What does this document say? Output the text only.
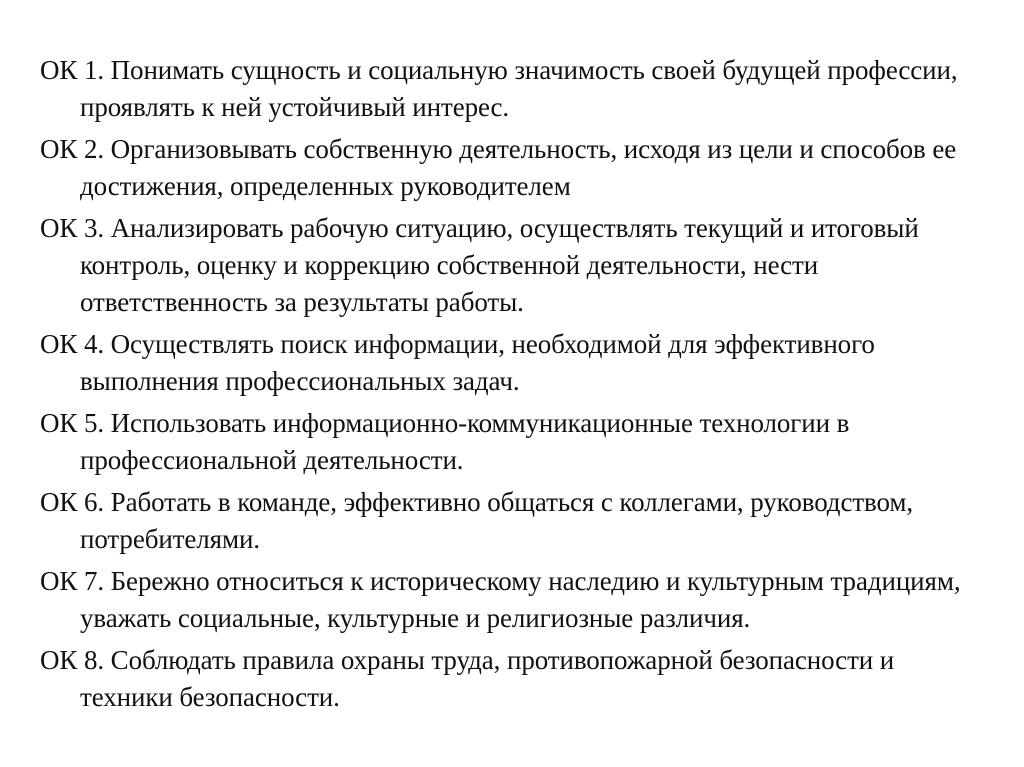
ОК 1. Понимать сущность и социальную значимость своей будущей профессии, проявлять к ней устойчивый интерес.
ОК 2. Организовывать собственную деятельность, исходя из цели и способов ее достижения, определенных руководителем
ОК 3. Анализировать рабочую ситуацию, осуществлять текущий и итоговый контроль, оценку и коррекцию собственной деятельности, нести ответственность за результаты работы.
ОК 4. Осуществлять поиск информации, необходимой для эффективного выполнения профессиональных задач.
ОК 5. Использовать информационно-коммуникационные технологии в профессиональной деятельности.
ОК 6. Работать в команде, эффективно общаться с коллегами, руководством, потребителями.
ОК 7. Бережно относиться к историческому наследию и культурным традициям, уважать социальные, культурные и религиозные различия.
ОК 8. Соблюдать правила охраны труда, противопожарной безопасности и техники безопасности.
